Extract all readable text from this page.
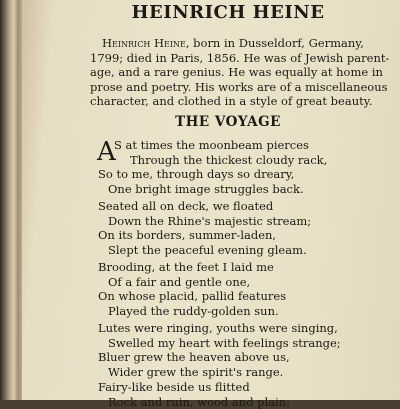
HEINRICH HEINE
Heinrich Heine, born in Dusseldorf, Germany,
1799; died in Paris, 1856. He was of Jewish parent-
age, and a rare genius. He was equally at home in
prose and poetry. His works are of a miscellaneous
character, and clothed in a style of great beauty.
THE VOYAGE
A
S at times the moonbeam pierces
Through the thickest cloudy rack,
So to me, through days so dreary,
One bright image struggles back.
Seated all on deck, we floated
Down the Rhine's majestic stream;
On its borders, summer-laden,
Slept the peaceful evening gleam.
Brooding, at the feet I laid me
Of a fair and gentle one,
On whose placid, pallid features
Played the ruddy-golden sun.
Lutes were ringing, youths were singing,
Swelled my heart with feelings strange;
Bluer grew the heaven above us,
Wider grew the spirit's range.
Fairy-like beside us flitted
Rock and ruin, wood and plain;
